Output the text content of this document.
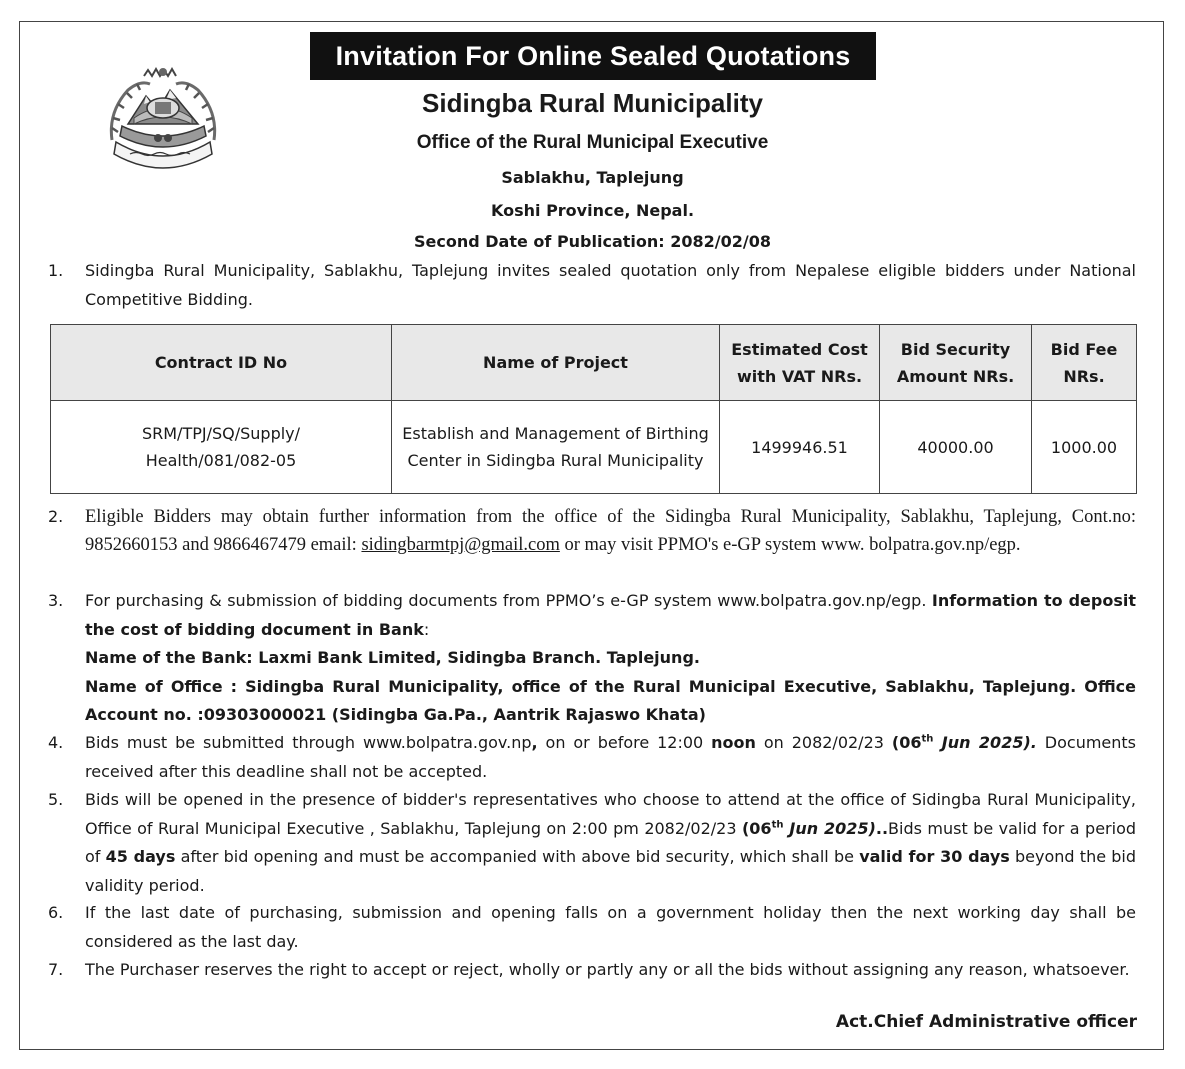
Invitation For Online Sealed Quotations
Sidingba Rural Municipality
Office of the Rural Municipal Executive
Sablakhu, Taplejung
Koshi Province, Nepal.
Second Date of Publication: 2082/02/08
1. Sidingba Rural Municipality, Sablakhu, Taplejung invites sealed quotation only from Nepalese eligible bidders under National Competitive Bidding.
Contract ID No	Name of Project	Estimated Cost with VAT NRs.	Bid Security Amount NRs.	Bid Fee NRs.
SRM/TPJ/SQ/Supply/ Health/081/082-05	Establish and Management of Birthing Center in Sidingba Rural Municipality	1499946.51	40000.00	1000.00
2. Eligible Bidders may obtain further information from the office of the Sidingba Rural Municipality, Sablakhu, Taplejung, Cont.no: 9852660153 and 9866467479 email: sidingbarmtpj@gmail.com or may visit PPMO's e-GP system www. bolpatra.gov.np/egp.
3. For purchasing & submission of bidding documents from PPMO’s e-GP system www.bolpatra.gov.np/egp. Information to deposit the cost of bidding document in Bank:
Name of the Bank: Laxmi Bank Limited, Sidingba Branch. Taplejung.
Name of Office : Sidingba Rural Municipality, office of the Rural Municipal Executive, Sablakhu, Taplejung. Office Account no. :09303000021 (Sidingba Ga.Pa., Aantrik Rajaswo Khata)
4. Bids must be submitted through www.bolpatra.gov.np, on or before 12:00 noon on 2082/02/23 (06th Jun 2025). Documents received after this deadline shall not be accepted.
5. Bids will be opened in the presence of bidder's representatives who choose to attend at the office of Sidingba Rural Municipality, Office of Rural Municipal Executive , Sablakhu, Taplejung on 2:00 pm 2082/02/23 (06th Jun 2025)..Bids must be valid for a period of 45 days after bid opening and must be accompanied with above bid security, which shall be valid for 30 days beyond the bid validity period.
6. If the last date of purchasing, submission and opening falls on a government holiday then the next working day shall be considered as the last day.
7. The Purchaser reserves the right to accept or reject, wholly or partly any or all the bids without assigning any reason, whatsoever.
Act.Chief Administrative officer
